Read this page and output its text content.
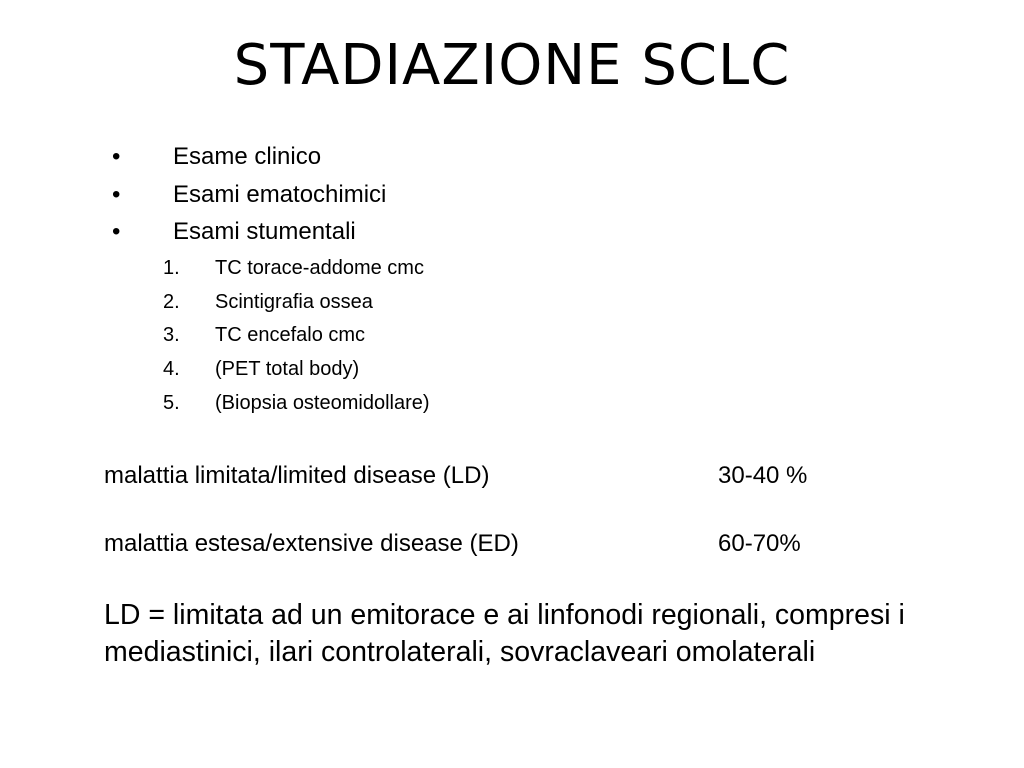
STADIAZIONE SCLC
•	Esame clinico
•	Esami ematochimici
•	Esami stumentali
1.	TC torace-addome cmc
2.	Scintigrafia ossea
3.	TC encefalo cmc
4.	(PET total body)
5.	(Biopsia osteomidollare)
malattia limitata/limited disease (LD)	30-40 %
malattia estesa/extensive disease (ED)	60-70%

LD = limitata ad un emitorace e ai linfonodi regionali, compresi i mediastinici, ilari controlaterali, sovraclaveari omolaterali
